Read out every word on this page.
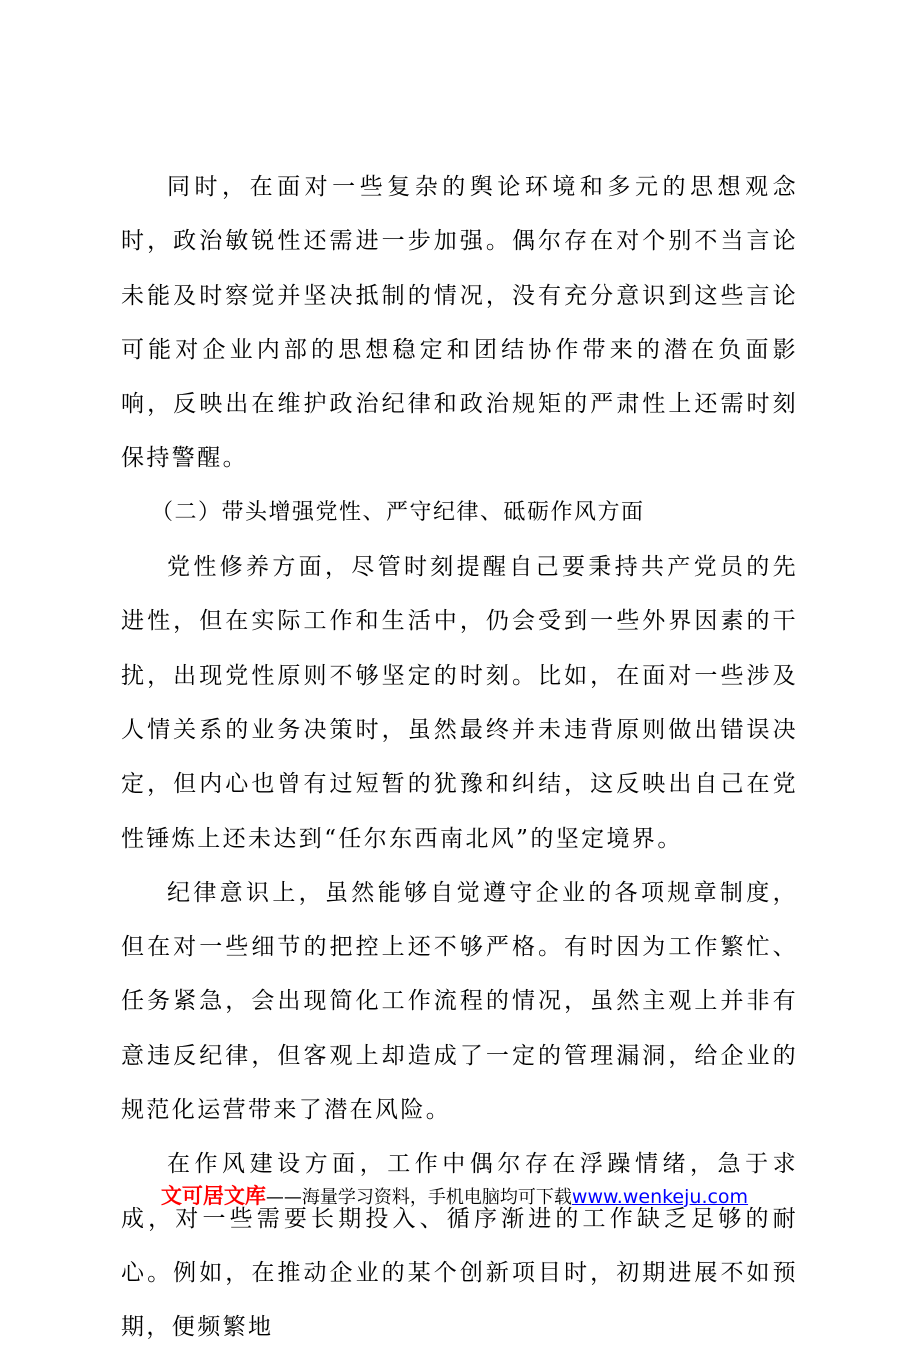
同时，在面对一些复杂的舆论环境和多元的思想观念时，政治敏锐性还需进一步加强。偶尔存在对个别不当言论未能及时察觉并坚决抵制的情况，没有充分意识到这些言论可能对企业内部的思想稳定和团结协作带来的潜在负面影响，反映出在维护政治纪律和政治规矩的严肃性上还需时刻保持警醒。

（二）带头增强党性、严守纪律、砥砺作风方面

党性修养方面，尽管时刻提醒自己要秉持共产党员的先进性，但在实际工作和生活中，仍会受到一些外界因素的干扰，出现党性原则不够坚定的时刻。比如，在面对一些涉及人情关系的业务决策时，虽然最终并未违背原则做出错误决定，但内心也曾有过短暂的犹豫和纠结，这反映出自己在党性锤炼上还未达到“任尔东西南北风”的坚定境界。

纪律意识上，虽然能够自觉遵守企业的各项规章制度，但在对一些细节的把控上还不够严格。有时因为工作繁忙、任务紧急，会出现简化工作流程的情况，虽然主观上并非有意违反纪律，但客观上却造成了一定的管理漏洞，给企业的规范化运营带来了潜在风险。

在作风建设方面，工作中偶尔存在浮躁情绪，急于求成，对一些需要长期投入、循序渐进的工作缺乏足够的耐心。例如，在推动企业的某个创新项目时，初期进展不如预期，便频繁地

文可居文库——海量学习资料，手机电脑均可下载www.wenkeju.com
